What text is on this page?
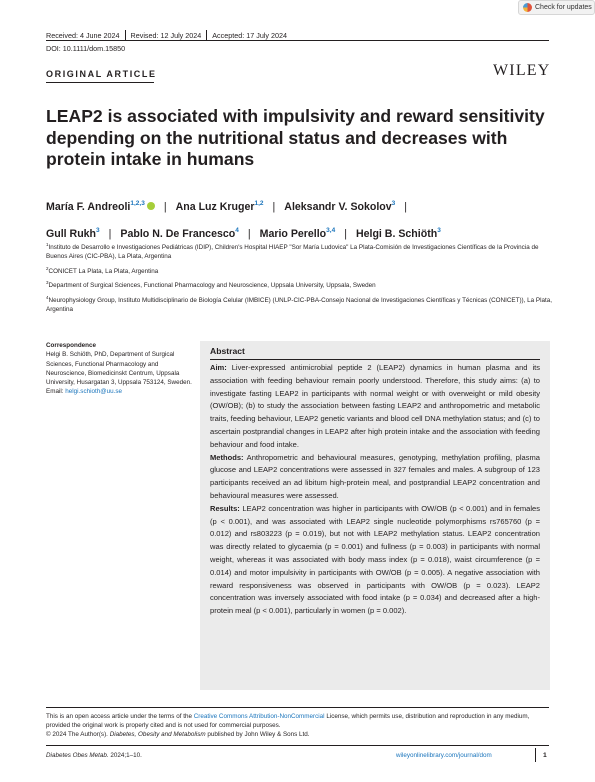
Check for updates
Received: 4 June 2024	Revised: 12 July 2024	Accepted: 17 July 2024
DOI: 10.1111/dom.15850
ORIGINAL ARTICLE	WILEY
LEAP2 is associated with impulsivity and reward sensitivity depending on the nutritional status and decreases with protein intake in humans
María F. Andreoli$^{1,2,3}$ | Ana Luz Kruger$^{1,2}$ | Aleksandr V. Sokolov$^3$ |
Gull Rukh$^3$ | Pablo N. De Francesco$^4$ | Mario Perello$^{3,4}$ | Helgi B. Schiöth$^3$
$^1$Instituto de Desarrollo e Investigaciones Pediátricas (IDIP), Children's Hospital HIAEP "Sor María Ludovica" La Plata-Comisión de Investigaciones Científicas de la Provincia de Buenos Aires (CIC-PBA), La Plata, Argentina
$^2$CONICET La Plata, La Plata, Argentina
$^3$Department of Surgical Sciences, Functional Pharmacology and Neuroscience, Uppsala University, Uppsala, Sweden
$^4$Neurophysiology Group, Instituto Multidisciplinario de Biología Celular (IMBICE) (UNLP-CIC-PBA-Consejo Nacional de Investigaciones Científicas y Técnicas (CONICET)), La Plata, Argentina
Correspondence
Helgi B. Schiöth, PhD, Department of Surgical Sciences, Functional Pharmacology and Neuroscience, Biomedicinskt Centrum, Uppsala University, Husargatan 3, Uppsala 753124, Sweden.
Email: helgi.schioth@uu.se
Abstract

Aim: Liver-expressed antimicrobial peptide 2 (LEAP2) dynamics in human plasma and its association with feeding behaviour remain poorly understood. Therefore, this study aims: (a) to investigate fasting LEAP2 in participants with normal weight or with overweight or mild obesity (OW/OB); (b) to study the association between fasting LEAP2 and anthropometric and metabolic traits, feeding behaviour, LEAP2 genetic variants and blood cell DNA methylation status; and (c) to ascertain postprandial changes in LEAP2 after high protein intake and the association with feeding behaviour and food intake.

Methods: Anthropometric and behavioural measures, genotyping, methylation profiling, plasma glucose and LEAP2 concentrations were assessed in 327 females and males. A subgroup of 123 participants received an ad libitum high-protein meal, and postprandial LEAP2 concentration and behavioural measures were assessed.

Results: LEAP2 concentration was higher in participants with OW/OB (p < 0.001) and in females (p < 0.001), and was associated with LEAP2 single nucleotide polymorphisms rs765760 (p = 0.012) and rs803223 (p = 0.019), but not with LEAP2 methylation status. LEAP2 concentration was directly related to glycaemia (p = 0.001) and fullness (p = 0.003) in participants with normal weight, whereas it was associated with body mass index (p = 0.018), waist circumference (p = 0.014) and motor impulsivity in participants with OW/OB (p = 0.005). A negative association with reward responsiveness was observed in participants with OW/OB (p = 0.023). LEAP2 concentration was inversely associated with food intake (p = 0.034) and decreased after a high-protein meal (p < 0.001), particularly in women (p = 0.002).

This is an open access article under the terms of the Creative Commons Attribution-NonCommercial License, which permits use, distribution and reproduction in any medium, provided the original work is properly cited and is not used for commercial purposes.
© 2024 The Author(s). Diabetes, Obesity and Metabolism published by John Wiley & Sons Ltd.
Diabetes Obes Metab. 2024;1–10.	wileyonlinelibrary.com/journal/dom	1
